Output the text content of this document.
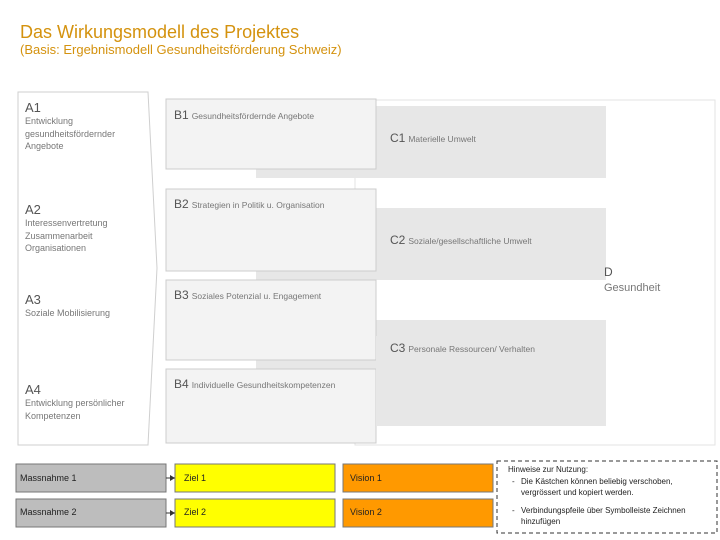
Das Wirkungsmodell des Projektes
(Basis: Ergebnismodell Gesundheitsförderung Schweiz)
A1
Entwicklung gesundheitsfördernder Angebote
A2
Interessenvertretung Zusammenarbeit Organisationen
A3
Soziale Mobilisierung
A4
Entwicklung persönlicher Kompetenzen
B1 Gesundheitsfördernde Angebote
B2 Strategien in Politik u. Organisation
B3 Soziales Potenzial u. Engagement
B4 Individuelle Gesundheitskompetenzen
C1 Materielle Umwelt
C2 Soziale/gesellschaftliche Umwelt
C3 Personale Ressourcen/ Verhalten
D
Gesundheit
Massnahme 1
Massnahme 2
Ziel 1
Ziel 2
Vision 1
Vision 2
Hinweise zur Nutzung:
- Die Kästchen können beliebig verschoben, vergrössert und kopiert werden.
- Verbindungspfeile über Symbolleiste Zeichnen hinzufügen
